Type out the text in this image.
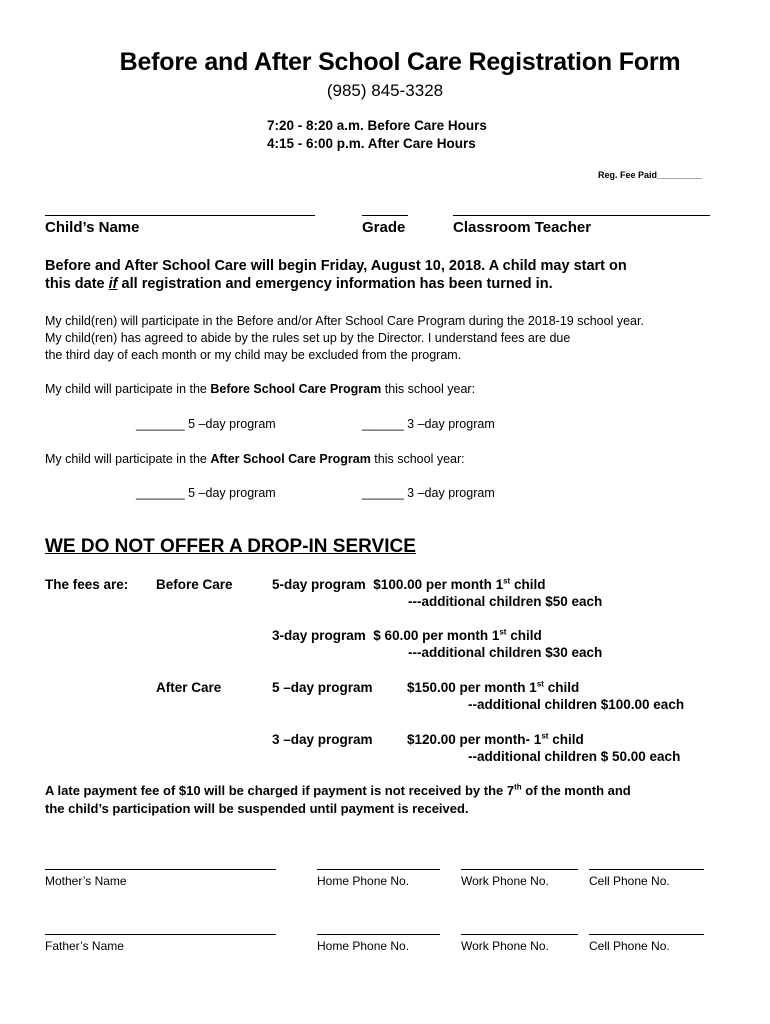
Before and After School Care Registration Form
(985) 845-3328
7:20 - 8:20 a.m. Before Care Hours
4:15 - 6:00 p.m. After Care Hours
Reg. Fee Paid_________
Child’s Name	Grade	Classroom Teacher
Before and After School Care will begin Friday, August 10, 2018. A child may start on
this date if all registration and emergency information has been turned in.
My child(ren) will participate in the Before and/or After School Care Program during the 2018-19 school year.
My child(ren) has agreed to abide by the rules set up by the Director. I understand fees are due
the third day of each month or my child may be excluded from the program.
My child will participate in the Before School Care Program this school year:
_______ 5 –day program	______ 3 –day program
My child will participate in the After School Care Program this school year:
_______ 5 –day program	______ 3 –day program
WE DO NOT OFFER A DROP-IN SERVICE
The fees are: Before Care	5-day program $100.00 per month 1st child
---additional children $50 each
3-day program $ 60.00 per month 1st child
---additional children $30 each
After Care	5 –day program	$150.00 per month 1st child
--additional children $100.00 each
3 –day program	$120.00 per month- 1st child
--additional children $ 50.00 each
A late payment fee of $10 will be charged if payment is not received by the 7th of the month and
the child’s participation will be suspended until payment is received.
Mother’s Name	Home Phone No.	Work Phone No.	Cell Phone No.
Father’s Name	Home Phone No.	Work Phone No.	Cell Phone No.
